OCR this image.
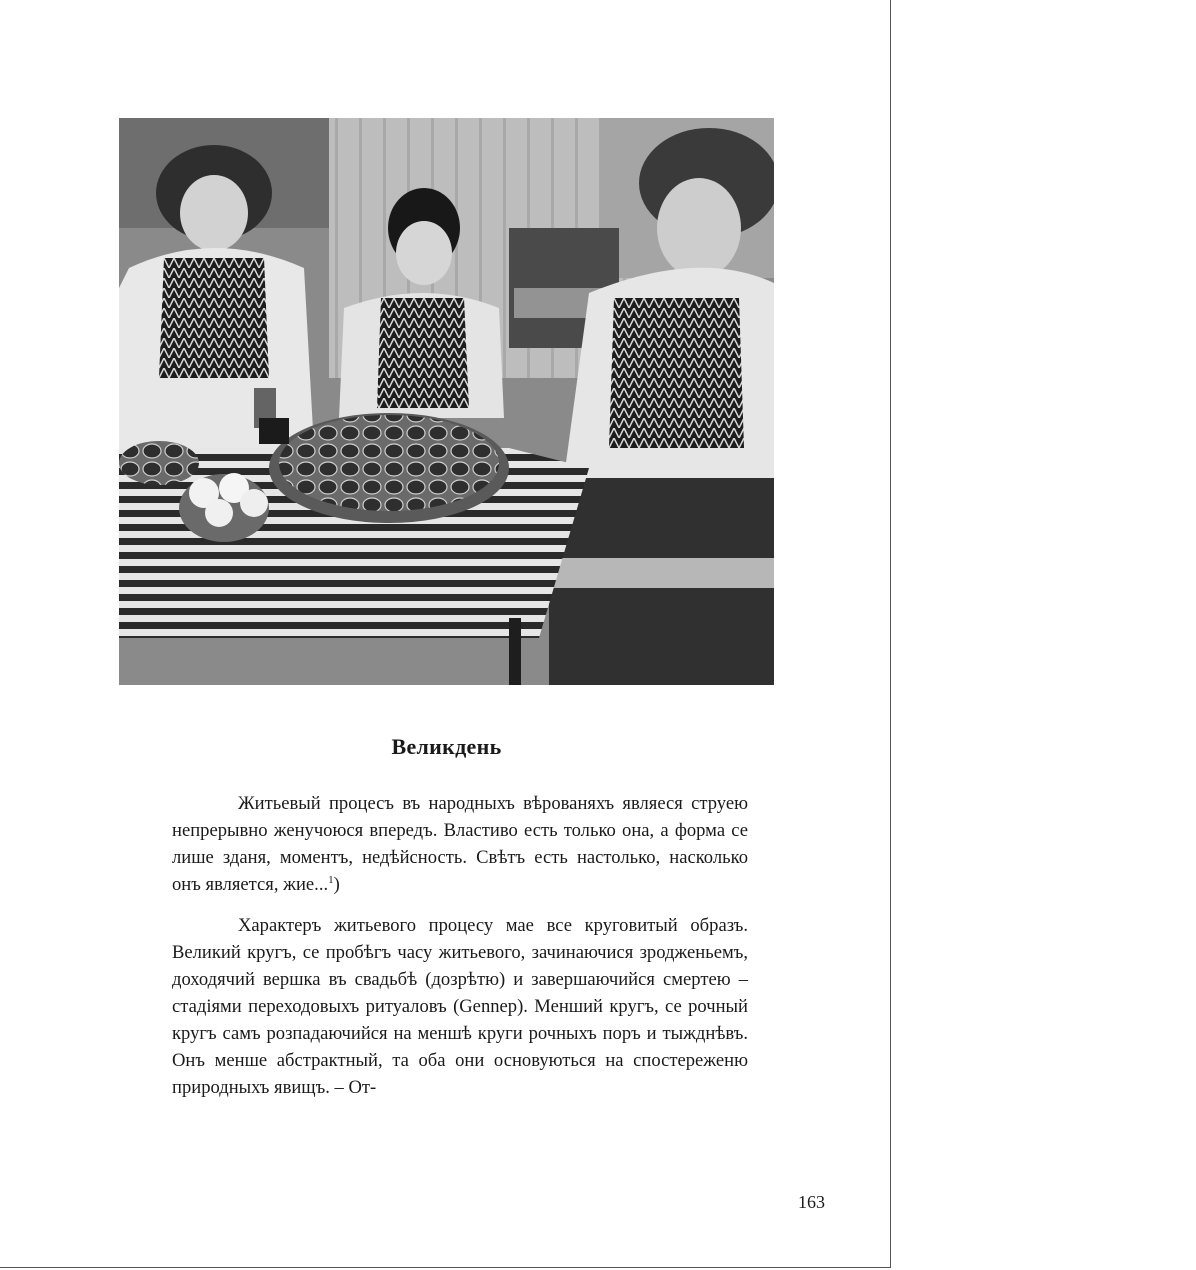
Великдень

Житьевый процесъ въ народныхъ вѣрованяхъ являеся струею непрерывно женучоюся впередъ. Властиво есть только она, а форма се лише зданя, моментъ, недѣйсность. Свѣтъ есть настолько, насколько онъ является, жие...$^1$)

Характеръ житьевого процесу мае все круговитый образъ. Великий кругъ, се пробѣгъ часу житьевого, зачинаючися зродженьемъ, доходячий вершка въ свадьбѣ (дозрѣтю) и завершаючийся смертею – стадiями переходовыхъ ритуаловъ (Gennep). Менший кругъ, се рочный кругъ самъ розпадаючийся на меншѣ круги рочныхъ поръ и тыжднѣвъ. Онъ менше абстрактный, та оба они основуються на спостереженю природныхъ явищъ. – От-

163
